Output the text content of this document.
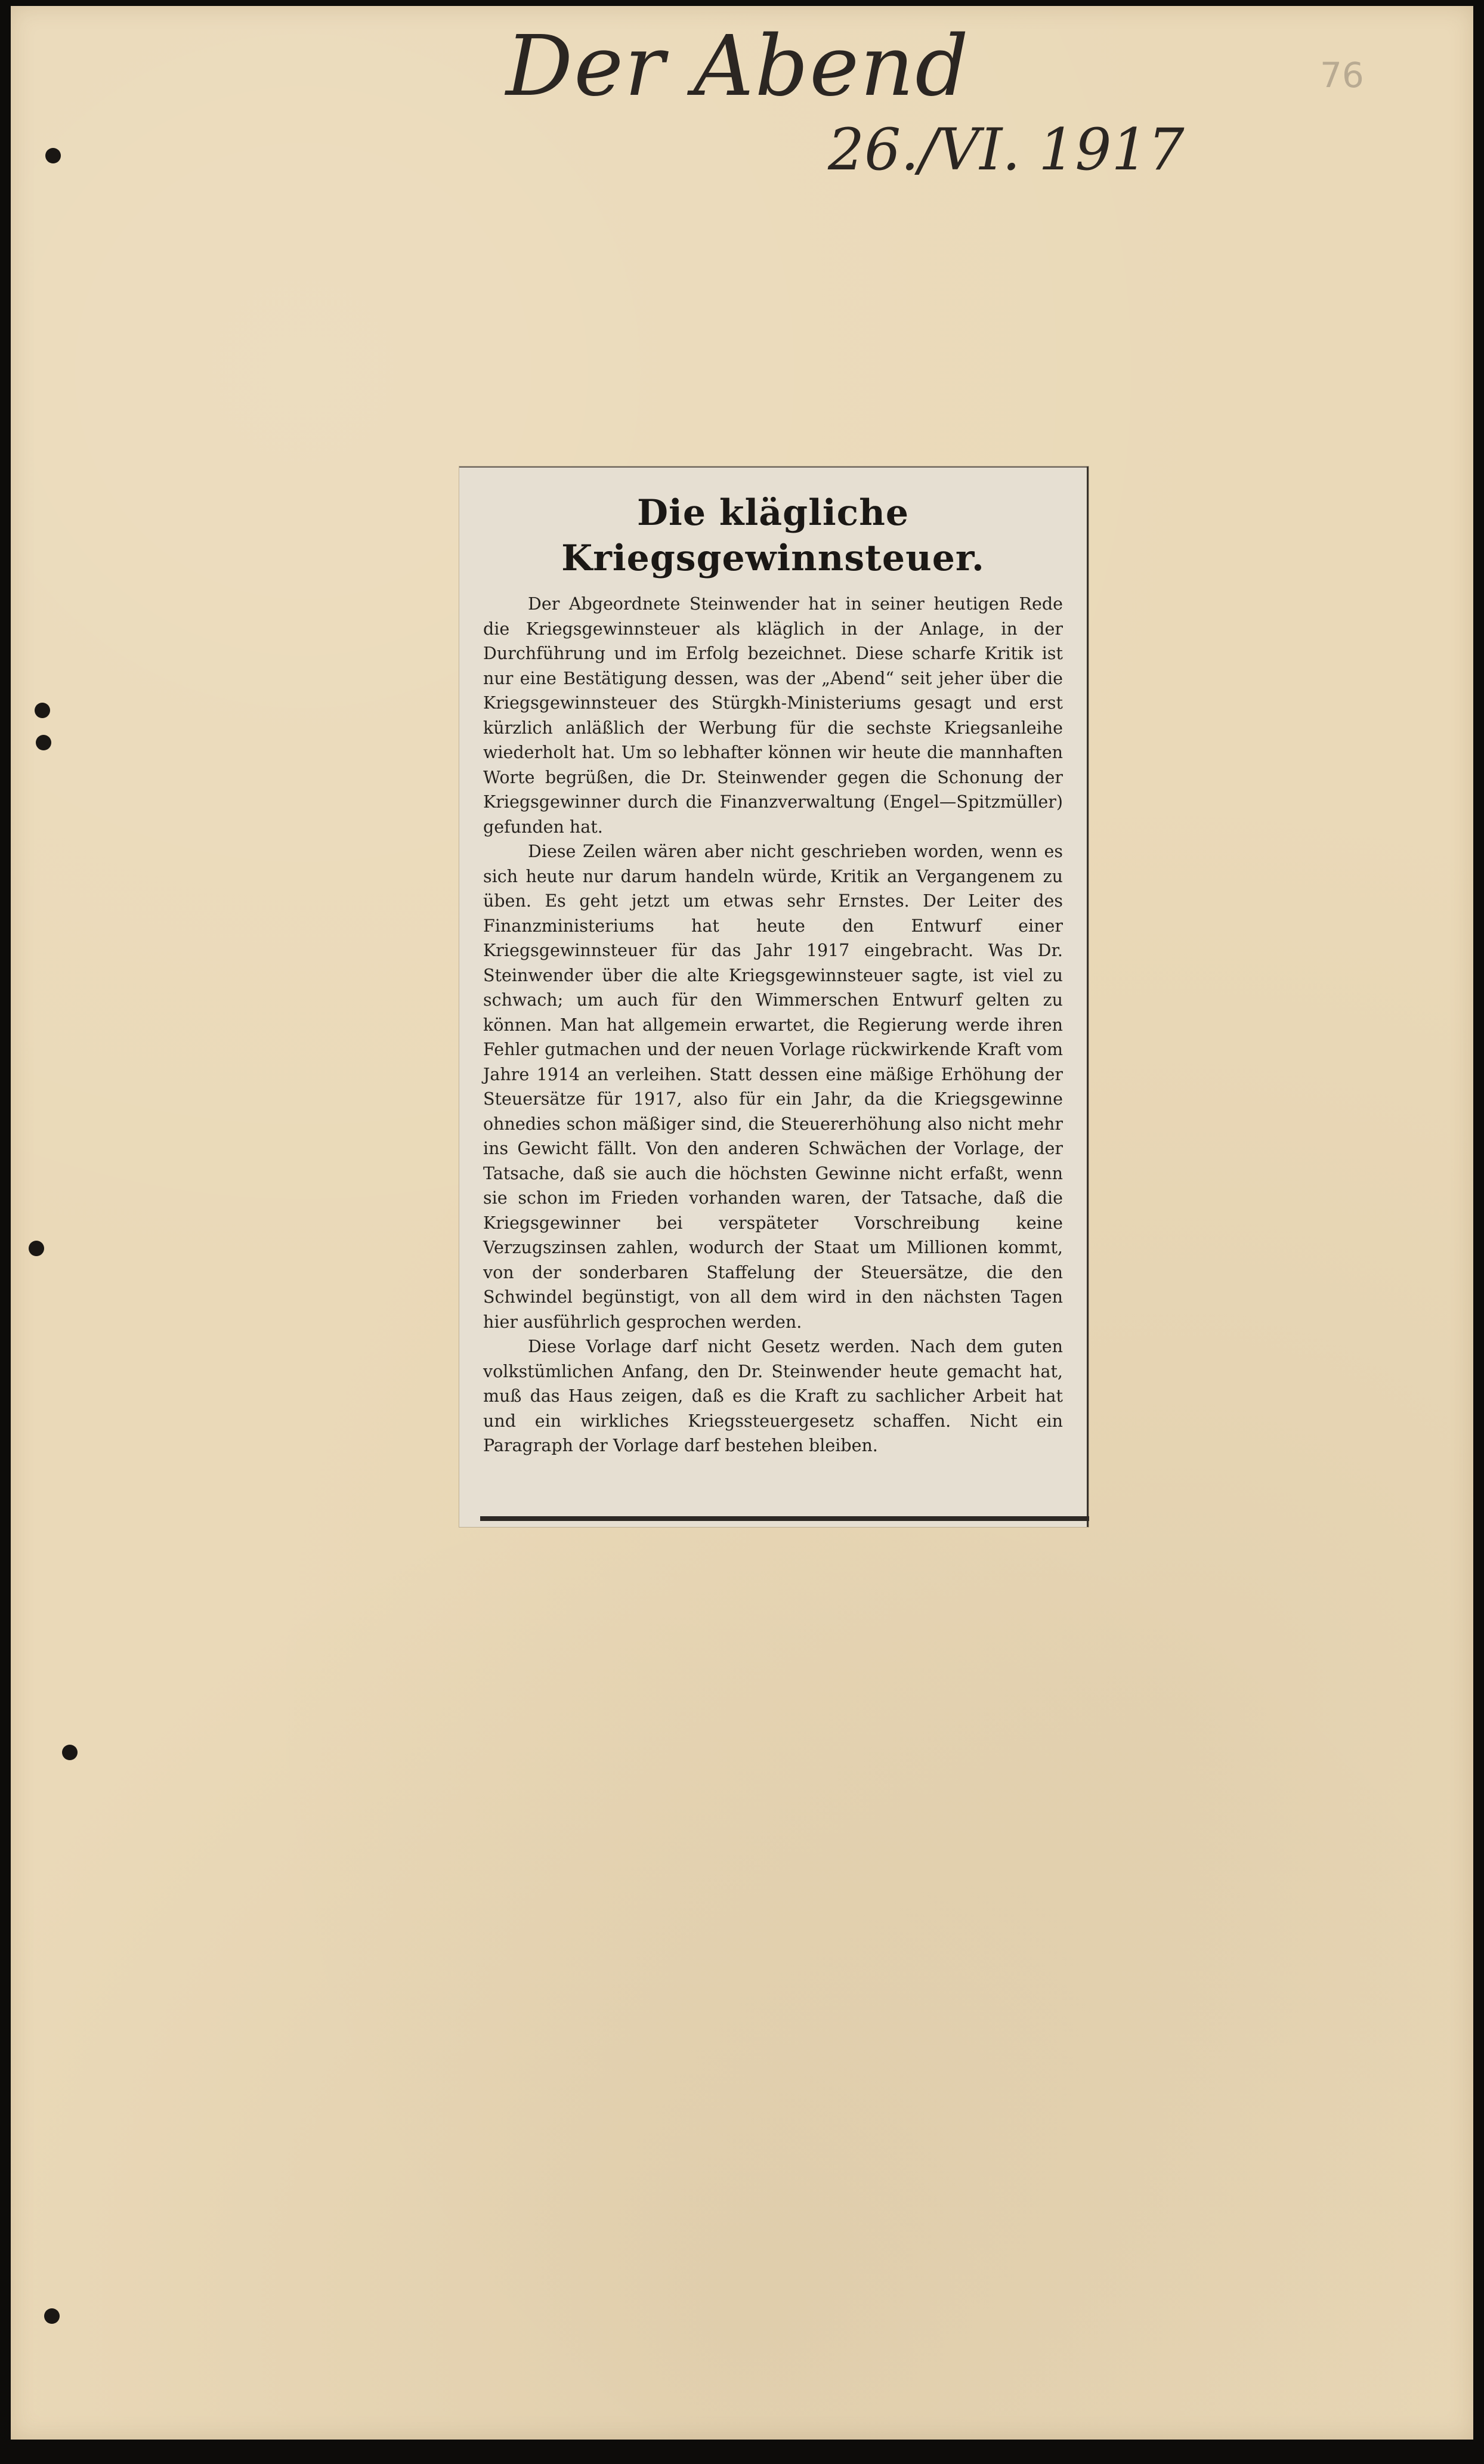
Der Abend
26./VI. 1917
76
Die klägliche Kriegsgewinnsteuer.

Der Abgeordnete Steinwender hat in seiner heutigen Rede die Kriegsgewinnsteuer als kläglich in der Anlage, in der Durchführung und im Erfolg bezeichnet. Diese scharfe Kritik ist nur eine Bestätigung dessen, was der „Abend“ seit jeher über die Kriegsgewinnsteuer des Stürgkh-Ministeriums gesagt und erst kürzlich anläßlich der Werbung für die sechste Kriegsanleihe wiederholt hat. Um so lebhafter können wir heute die mannhaften Worte begrüßen, die Dr. Steinwender gegen die Schonung der Kriegsgewinner durch die Finanzverwaltung (Engel—Spitzmüller) gefunden hat.

Diese Zeilen wären aber nicht geschrieben worden, wenn es sich heute nur darum handeln würde, Kritik an Vergangenem zu üben. Es geht jetzt um etwas sehr Ernstes. Der Leiter des Finanzministeriums hat heute den Entwurf einer Kriegsgewinnsteuer für das Jahr 1917 eingebracht. Was Dr. Steinwender über die alte Kriegsgewinnsteuer sagte, ist viel zu schwach; um auch für den Wimmerschen Entwurf gelten zu können. Man hat allgemein erwartet, die Regierung werde ihren Fehler gutmachen und der neuen Vorlage rückwirkende Kraft vom Jahre 1914 an verleihen. Statt dessen eine mäßige Erhöhung der Steuersätze für 1917, also für ein Jahr, da die Kriegsgewinne ohnedies schon mäßiger sind, die Steuererhöhung also nicht mehr ins Gewicht fällt. Von den anderen Schwächen der Vorlage, der Tatsache, daß sie auch die höchsten Gewinne nicht erfaßt, wenn sie schon im Frieden vorhanden waren, der Tatsache, daß die Kriegsgewinner bei verspäteter Vorschreibung keine Verzugszinsen zahlen, wodurch der Staat um Millionen kommt, von der sonderbaren Staffelung der Steuersätze, die den Schwindel begünstigt, von all dem wird in den nächsten Tagen hier ausführlich gesprochen werden.

Diese Vorlage darf nicht Gesetz werden. Nach dem guten volkstümlichen Anfang, den Dr. Steinwender heute gemacht hat, muß das Haus zeigen, daß es die Kraft zu sachlicher Arbeit hat und ein wirkliches Kriegssteuergesetz schaffen. Nicht ein Paragraph der Vorlage darf bestehen bleiben.
